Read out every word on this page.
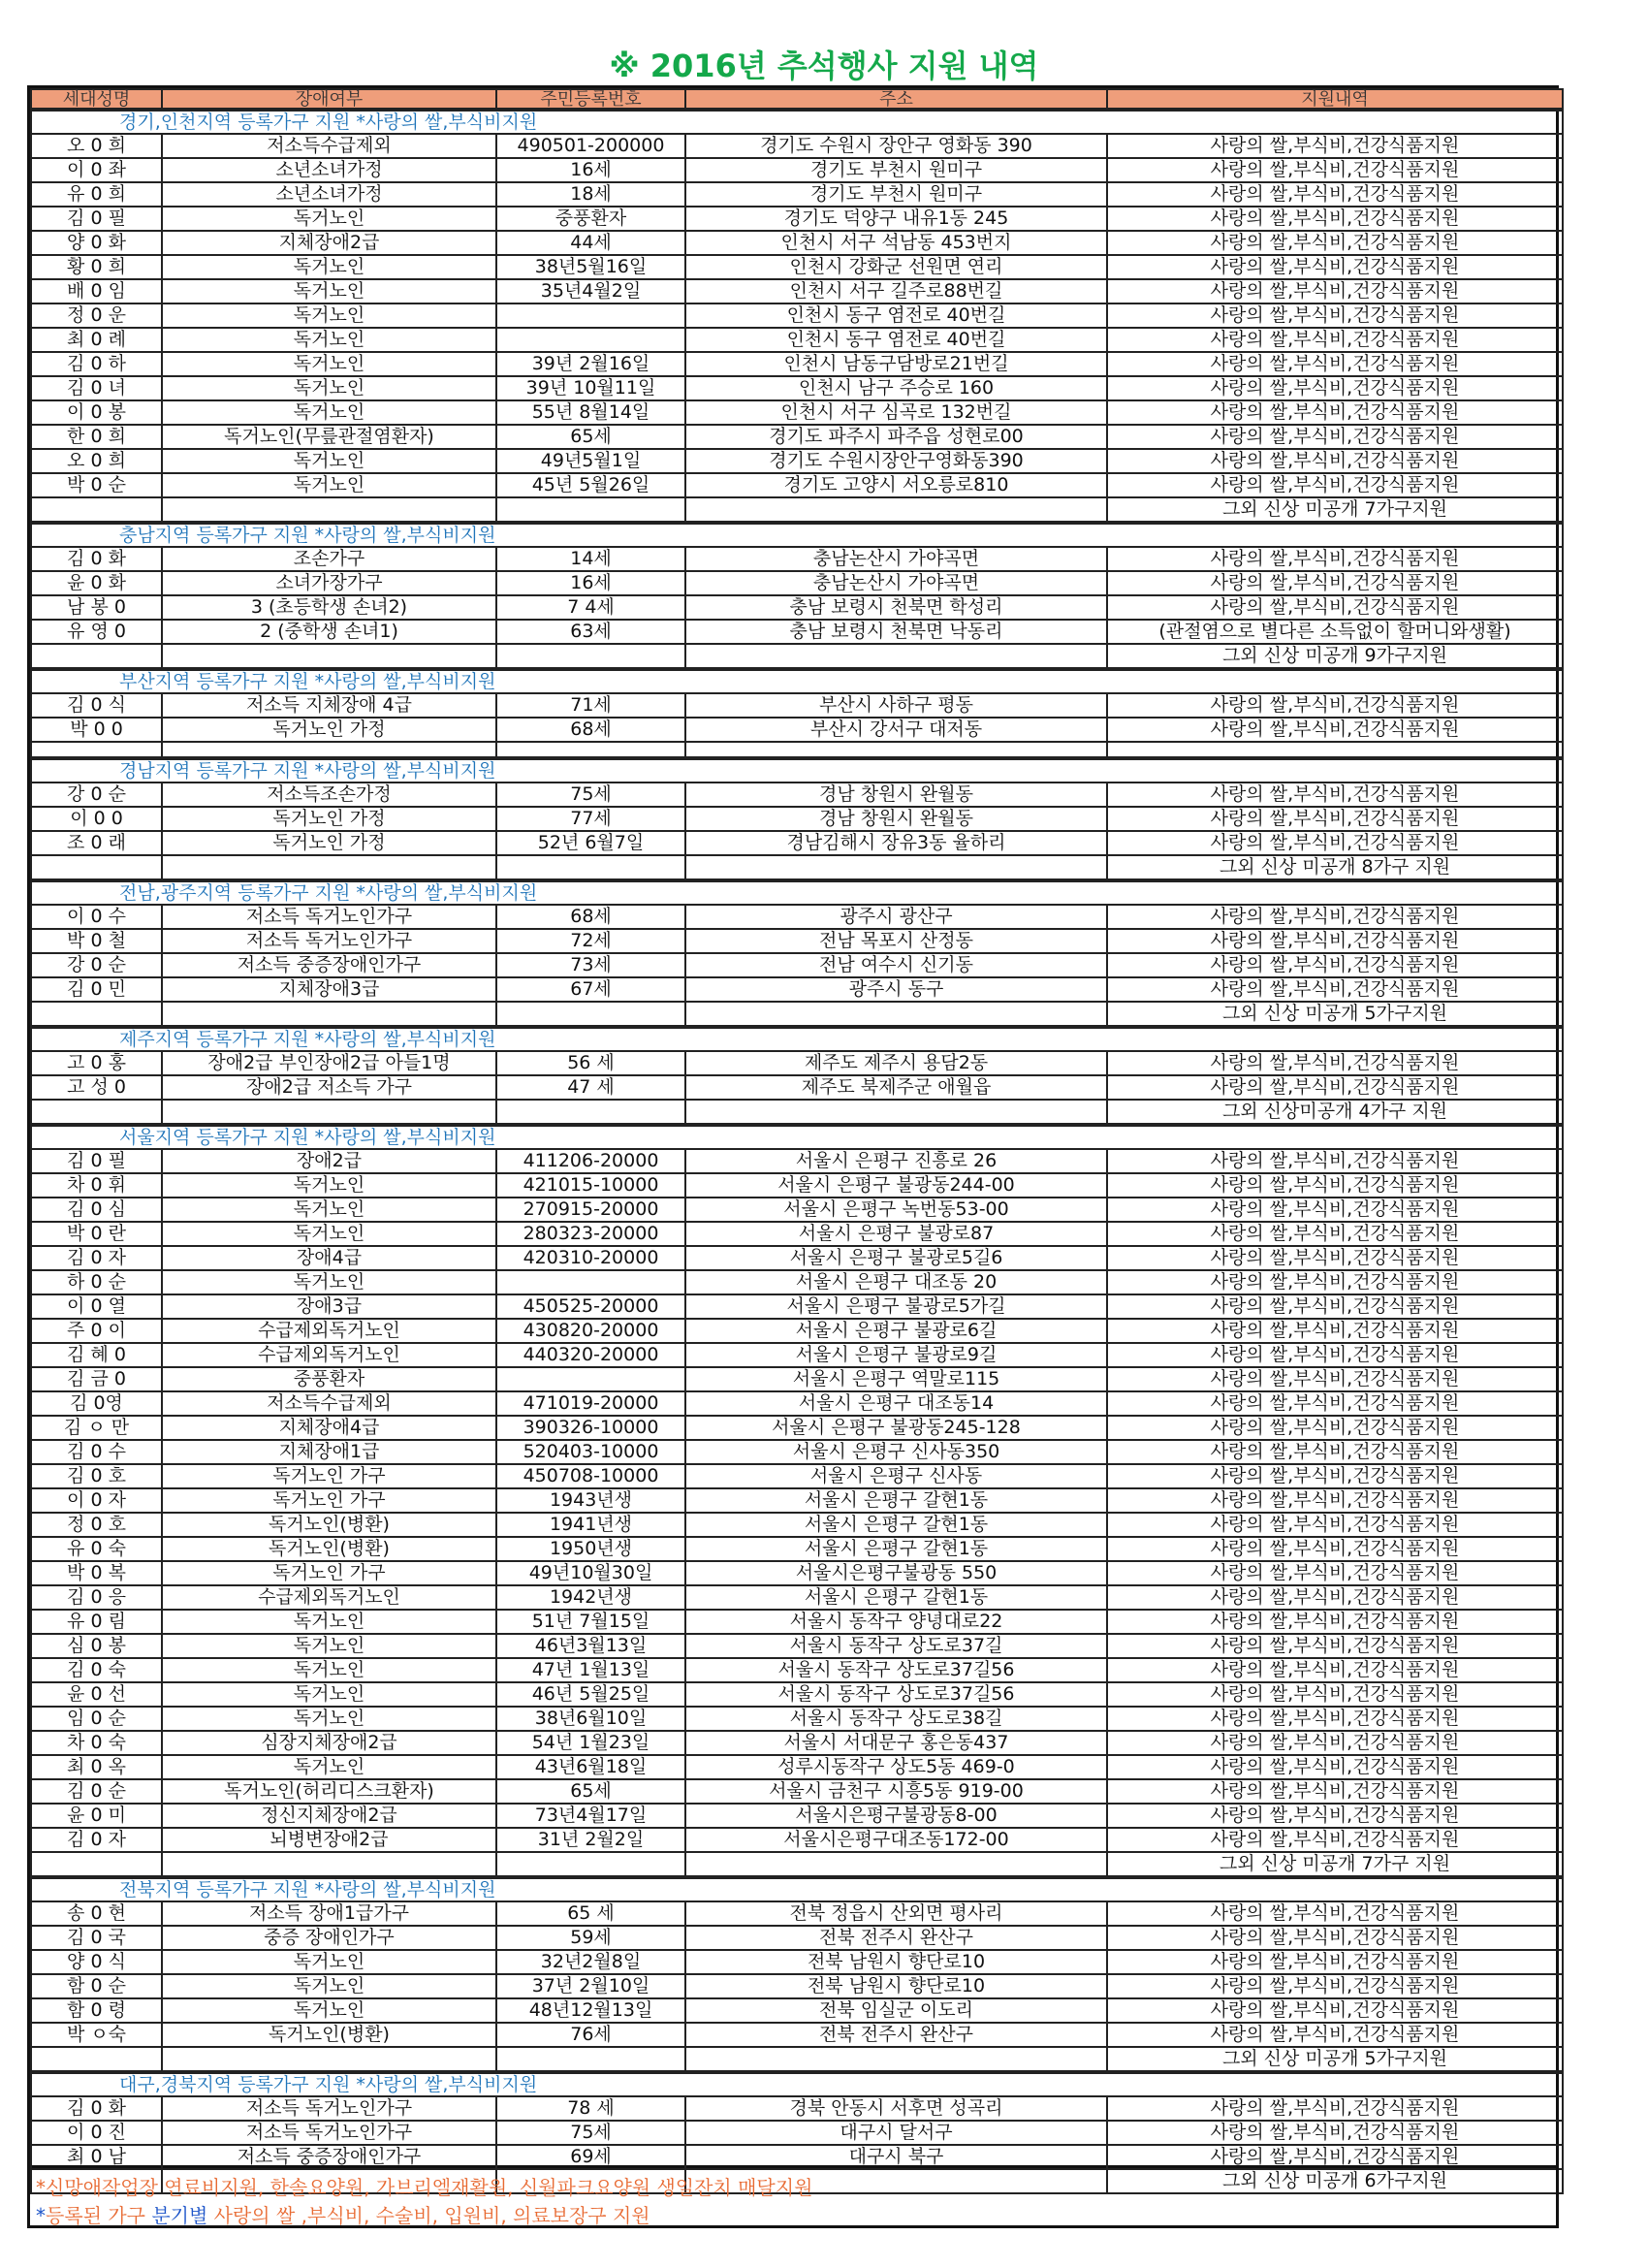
※ 2016년 추석행사 지원 내역
세대성명	장애여부	주민등록번호	주소	지원내역
경기,인천지역 등록가구 지원 *사랑의 쌀,부식비지원				
오 0 희	저소득수급제외	490501-200000	경기도 수원시 장안구 영화동 390	사랑의 쌀,부식비,건강식품지원
이 0 좌	소년소녀가정	16세	경기도 부천시 원미구	사랑의 쌀,부식비,건강식품지원
유 0 희	소년소녀가정	18세	경기도 부천시 원미구	사랑의 쌀,부식비,건강식품지원
김 0 필	독거노인	중풍환자	경기도 덕양구 내유1동 245	사랑의 쌀,부식비,건강식품지원
양 0 화	지체장애2급	44세	인천시 서구 석남동 453번지	사랑의 쌀,부식비,건강식품지원
황 0 희	독거노인	38년5월16일	인천시 강화군 선원면 연리	사랑의 쌀,부식비,건강식품지원
배 0 임	독거노인	35년4월2일	인천시 서구 길주로88번길	사랑의 쌀,부식비,건강식품지원
정 0 운	독거노인		인천시 동구 염전로 40번길	사랑의 쌀,부식비,건강식품지원
최 0 례	독거노인		인천시 동구 염전로 40번길	사랑의 쌀,부식비,건강식품지원
김 0 하	독거노인	39년 2월16일	인천시 남동구담방로21번길	사랑의 쌀,부식비,건강식품지원
김 0 녀	독거노인	39년 10월11일	인천시 남구 주승로 160	사랑의 쌀,부식비,건강식품지원
이 0 봉	독거노인	55년 8월14일	인천시 서구 심곡로 132번길	사랑의 쌀,부식비,건강식품지원
한 0 희	독거노인(무릎관절염환자)	65세	경기도 파주시 파주읍 성현로00	사랑의 쌀,부식비,건강식품지원
오 0 희	독거노인	49년5월1일	경기도 수원시장안구영화동390	사랑의 쌀,부식비,건강식품지원
박 0 순	독거노인	45년 5월26일	경기도 고양시 서오릉로810	사랑의 쌀,부식비,건강식품지원
				그외 신상 미공개 7가구지원
충남지역 등록가구 지원 *사랑의 쌀,부식비지원				
김 0 화	조손가구	14세	충남논산시 가야곡면	사랑의 쌀,부식비,건강식품지원
윤 0 화	소녀가장가구	16세	충남논산시 가야곡면	사랑의 쌀,부식비,건강식품지원
남 봉 0	3 (초등학생 손녀2)	7 4세	충남 보령시 천북면 학성리	사랑의 쌀,부식비,건강식품지원
유 영 0	2 (중학생 손녀1)	63세	충남 보령시 천북면 낙동리	(관절염으로 별다른 소득없이 할머니와생활)
				그외 신상 미공개 9가구지원
부산지역 등록가구 지원 *사랑의 쌀,부식비지원				
김 0 식	저소득 지체장애 4급	71세	부산시 사하구 평동	사랑의 쌀,부식비,건강식품지원
박 0 0	독거노인 가정	68세	부산시 강서구 대저동	사랑의 쌀,부식비,건강식품지원

경남지역 등록가구 지원 *사랑의 쌀,부식비지원				
강 0 순	저소득조손가정	75세	경남 창원시 완월동	사랑의 쌀,부식비,건강식품지원
이 0 0	독거노인 가정	77세	경남 창원시 완월동	사랑의 쌀,부식비,건강식품지원
조 0 래	독거노인 가정	52년 6월7일	경남김해시 장유3동 율하리	사랑의 쌀,부식비,건강식품지원
				그외 신상 미공개 8가구 지원
전남,광주지역 등록가구 지원 *사랑의 쌀,부식비지원				
이 0 수	저소득 독거노인가구	68세	광주시 광산구	사랑의 쌀,부식비,건강식품지원
박 0 철	저소득 독거노인가구	72세	전남 목포시 산정동	사랑의 쌀,부식비,건강식품지원
강 0 순	저소득 중증장애인가구	73세	전남 여수시 신기동	사랑의 쌀,부식비,건강식품지원
김 0 민	지체장애3급	67세	광주시 동구	사랑의 쌀,부식비,건강식품지원
				그외 신상 미공개 5가구지원
제주지역 등록가구 지원 *사랑의 쌀,부식비지원				
고 0 홍	장애2급 부인장애2급 아들1명	56 세	제주도 제주시 용담2동	사랑의 쌀,부식비,건강식품지원
고 성 0	장애2급 저소득 가구	47 세	제주도 북제주군 애월읍	사랑의 쌀,부식비,건강식품지원
				그외 신상미공개 4가구 지원
서울지역 등록가구 지원 *사랑의 쌀,부식비지원				
김 0 필	장애2급	411206-20000	서울시 은평구 진흥로 26	사랑의 쌀,부식비,건강식품지원
차 0 휘	독거노인	421015-10000	서울시 은평구 불광동244-00	사랑의 쌀,부식비,건강식품지원
김 0 심	독거노인	270915-20000	서울시 은평구 녹번동53-00	사랑의 쌀,부식비,건강식품지원
박 0 란	독거노인	280323-20000	서울시 은평구 불광로87	사랑의 쌀,부식비,건강식품지원
김 0 자	장애4급	420310-20000	서울시 은평구 불광로5길6	사랑의 쌀,부식비,건강식품지원
하 0 순	독거노인		서울시 은평구 대조동 20	사랑의 쌀,부식비,건강식품지원
이 0 열	장애3급	450525-20000	서울시 은평구 불광로5가길	사랑의 쌀,부식비,건강식품지원
주 0 이	수급제외독거노인	430820-20000	서울시 은평구 불광로6길	사랑의 쌀,부식비,건강식품지원
김 혜 0	수급제외독거노인	440320-20000	서울시 은평구 불광로9길	사랑의 쌀,부식비,건강식품지원
김 금 0	중풍환자		서울시 은평구 역말로115	사랑의 쌀,부식비,건강식품지원
김 0영	저소득수급제외	471019-20000	서울시 은평구 대조동14	사랑의 쌀,부식비,건강식품지원
김 ㅇ 만	지체장애4급	390326-10000	서울시 은평구 불광동245-128	사랑의 쌀,부식비,건강식품지원
김 0 수	지체장애1급	520403-10000	서울시 은평구 신사동350	사랑의 쌀,부식비,건강식품지원
김 0 호	독거노인 가구	450708-10000	서울시 은평구 신사동	사랑의 쌀,부식비,건강식품지원
이 0 자	독거노인 가구	1943년생	서울시 은평구 갈현1동	사랑의 쌀,부식비,건강식품지원
정 0 호	독거노인(병환)	1941년생	서울시 은평구 갈현1동	사랑의 쌀,부식비,건강식품지원
유 0 숙	독거노인(병환)	1950년생	서울시 은평구 갈현1동	사랑의 쌀,부식비,건강식품지원
박 0 복	독거노인 가구	49년10월30일	서울시은평구불광동 550	사랑의 쌀,부식비,건강식품지원
김 0 응	수급제외독거노인	1942년생	서울시 은평구 갈현1동	사랑의 쌀,부식비,건강식품지원
유 0 림	독거노인	51년 7월15일	서울시 동작구 양녕대로22	사랑의 쌀,부식비,건강식품지원
심 0 봉	독거노인	46년3월13일	서울시 동작구 상도로37길	사랑의 쌀,부식비,건강식품지원
김 0 숙	독거노인	47년 1월13일	서울시 동작구 상도로37길56	사랑의 쌀,부식비,건강식품지원
윤 0 선	독거노인	46년 5월25일	서울시 동작구 상도로37길56	사랑의 쌀,부식비,건강식품지원
임 0 순	독거노인	38년6월10일	서울시 동작구 상도로38길	사랑의 쌀,부식비,건강식품지원
차 0 숙	심장지체장애2급	54년 1월23일	서울시 서대문구 홍은동437	사랑의 쌀,부식비,건강식품지원
최 0 옥	독거노인	43년6월18일	성루시동작구 상도5동 469-0	사랑의 쌀,부식비,건강식품지원
김 0 순	독거노인(허리디스크환자)	65세	서울시 금천구 시흥5동 919-00	사랑의 쌀,부식비,건강식품지원
윤 0 미	정신지체장애2급	73년4월17일	서울시은평구불광동8-00	사랑의 쌀,부식비,건강식품지원
김 0 자	뇌병변장애2급	31년 2월2일	서울시은평구대조동172-00	사랑의 쌀,부식비,건강식품지원
				그외 신상 미공개 7가구 지원
전북지역 등록가구 지원 *사랑의 쌀,부식비지원				
송 0 현	저소득 장애1급가구	65 세	전북 정읍시 산외면 평사리	사랑의 쌀,부식비,건강식품지원
김 0 국	중증 장애인가구	59세	전북 전주시 완산구	사랑의 쌀,부식비,건강식품지원
양 0 식	독거노인	32년2월8일	전북 남원시 향단로10	사랑의 쌀,부식비,건강식품지원
함 0 순	독거노인	37년 2월10일	전북 남원시 향단로10	사랑의 쌀,부식비,건강식품지원
함 0 령	독거노인	48년12월13일	전북 임실군 이도리	사랑의 쌀,부식비,건강식품지원
박 ㅇ숙	독거노인(병환)	76세	전북 전주시 완산구	사랑의 쌀,부식비,건강식품지원
				그외 신상 미공개 5가구지원
대구,경북지역 등록가구 지원 *사랑의 쌀,부식비지원				
김 0 화	저소득 독거노인가구	78 세	경북 안동시 서후면 성곡리	사랑의 쌀,부식비,건강식품지원
이 0 진	저소득 독거노인가구	75세	대구시 달서구	사랑의 쌀,부식비,건강식품지원
최 0 남	저소득 중증장애인가구	69세	대구시 북구	사랑의 쌀,부식비,건강식품지원
				그외 신상 미공개 6가구지원
*신망애작업장 연료비지원, 한솔요양원, 가브리엘재활원, 신월파크요양원 생일잔치 매달지원
*등록된 가구 분기별 사랑의 쌀 ,부식비, 수술비, 입원비, 의료보장구 지원
